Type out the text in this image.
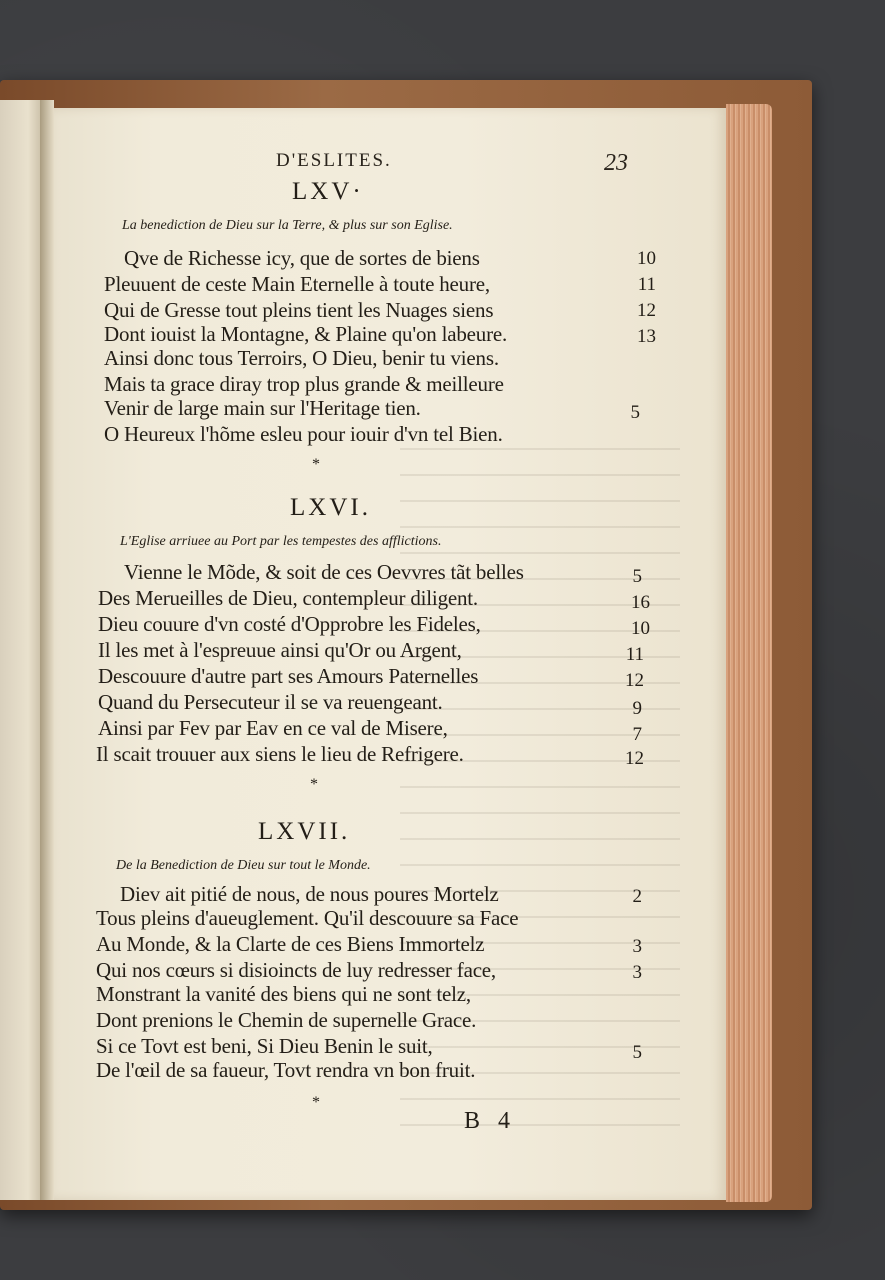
D'ESLITES.	23
LXV·
La benediction de Dieu sur la Terre, & plus sur son Eglise.
Qve de Richesse icy, que de sortes de biens	10
Pleuuent de ceste Main Eternelle à toute heure,	11
Qui de Gresse tout pleins tient les Nuages siens	12
Dont iouist la Montagne, & Plaine qu'on labeure.	13
Ainsi donc tous Terroirs, O Dieu, benir tu viens.
Mais ta grace diray trop plus grande & meilleure
Venir de large main sur l'Heritage tien.	5
O Heureux l'hõme esleu pour iouir d'vn tel Bien.
*
LXVI.
L'Eglise arriuee au Port par les tempestes des afflictions.
Vienne le Mõde, & soit de ces Oevvres tãt belles	5
Des Merueilles de Dieu, contempleur diligent.	16
Dieu couure d'vn costé d'Opprobre les Fideles,	10
Il les met à l'espreuue ainsi qu'Or ou Argent,	11
Descouure d'autre part ses Amours Paternelles	12
Quand du Persecuteur il se va reuengeant.	9
Ainsi par Fev par Eav en ce val de Misere,	7
Il scait trouuer aux siens le lieu de Refrigere.	12
*
LXVII.
De la Benediction de Dieu sur tout le Monde.
Diev ait pitié de nous, de nous poures Mortelz	2
Tous pleins d'aueuglement. Qu'il descouure sa Face
Au Monde, & la Clarte de ces Biens Immortelz	3
Qui nos cœurs si disioincts de luy redresser face,	3
Monstrant la vanité des biens qui ne sont telz,
Dont prenions le Chemin de supernelle Grace.
Si ce Tovt est beni, Si Dieu Benin le suit,	5
De l'œil de sa faueur, Tovt rendra vn bon fruit.
*
B 4
